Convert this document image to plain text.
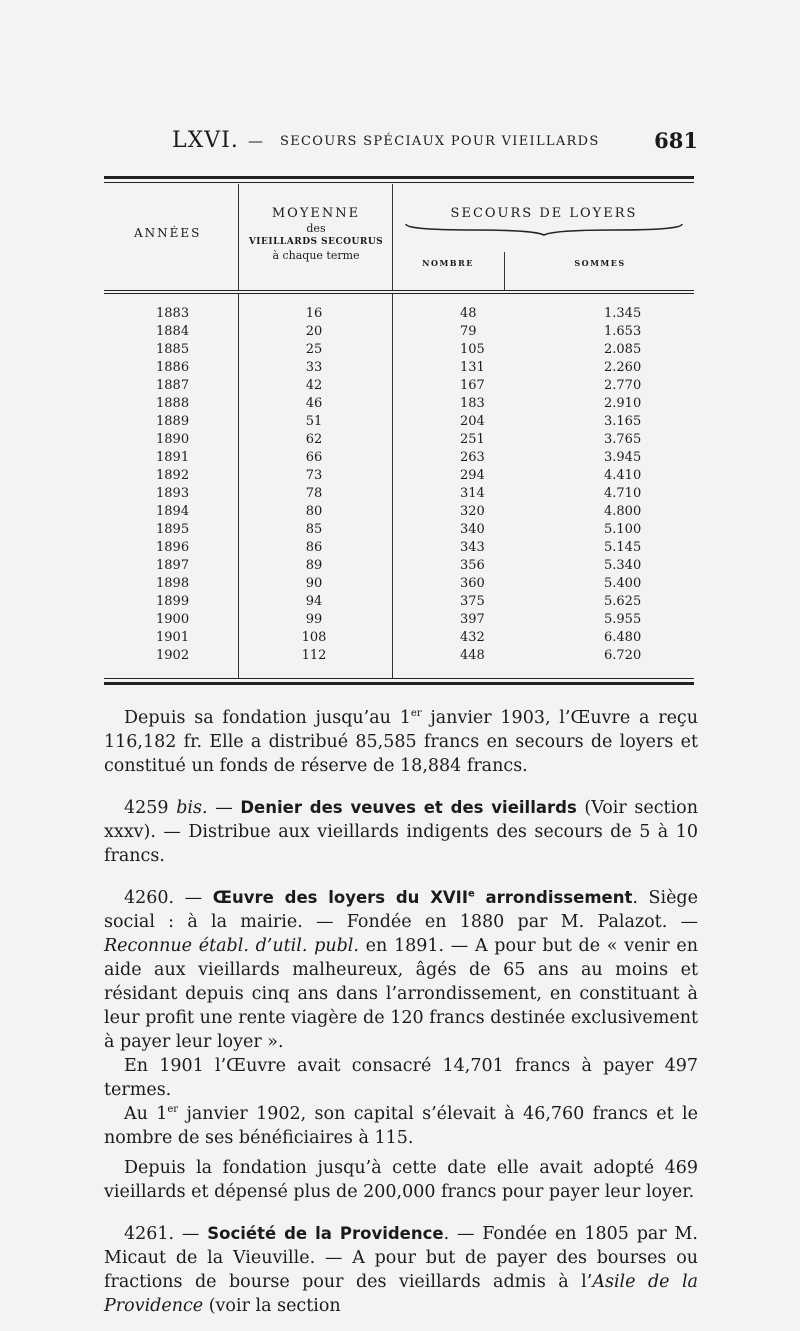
LXVI. — SECOURS SPÉCIAUX POUR VIEILLARDS	681
ANNÉES
MOYENNE
des
VIEILLARDS SECOURUS
à chaque terme
SECOURS DE LOYERS
NOMBRE	SOMMES
1883	16	48	1.345
1884	20	79	1.653
1885	25	105	2.085
1886	33	131	2.260
1887	42	167	2.770
1888	46	183	2.910
1889	51	204	3.165
1890	62	251	3.765
1891	66	263	3.945
1892	73	294	4.410
1893	78	314	4.710
1894	80	320	4.800
1895	85	340	5.100
1896	86	343	5.145
1897	89	356	5.340
1898	90	360	5.400
1899	94	375	5.625
1900	99	397	5.955
1901	108	432	6.480
1902	112	448	6.720

Depuis sa fondation jusqu’au 1er janvier 1903, l’Œuvre a reçu 116,182 fr. Elle a distribué 85,585 francs en secours de loyers et constitué un fonds de réserve de 18,884 francs.

4259 bis. — Denier des veuves et des vieillards (Voir section xxxv). — Distribue aux vieillards indigents des secours de 5 à 10 francs.

4260. — Œuvre des loyers du XVIIe arrondissement. Siège social : à la mairie. — Fondée en 1880 par M. Palazot. — Reconnue établ. d’util. publ. en 1891. — A pour but de « venir en aide aux vieillards malheureux, âgés de 65 ans au moins et résidant depuis cinq ans dans l’arrondissement, en constituant à leur profit une rente viagère de 120 francs destinée exclusivement à payer leur loyer ».

En 1901 l’Œuvre avait consacré 14,701 francs à payer 497 termes.

Au 1er janvier 1902, son capital s’élevait à 46,760 francs et le nombre de ses bénéficiaires à 115.

Depuis la fondation jusqu’à cette date elle avait adopté 469 vieillards et dépensé plus de 200,000 francs pour payer leur loyer.

4261. — Société de la Providence. — Fondée en 1805 par M. Micaut de la Vieuville. — A pour but de payer des bourses ou fractions de bourse pour des vieillards admis à l’Asile de la Providence (voir la section
